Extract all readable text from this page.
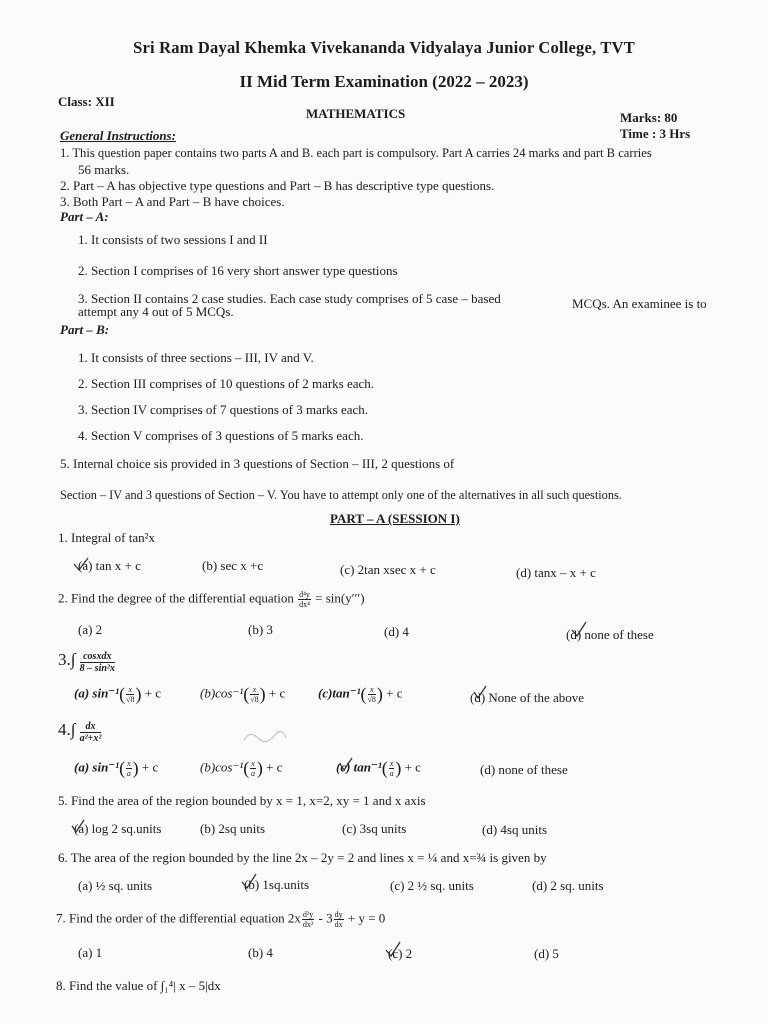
Sri Ram Dayal Khemka Vivekananda Vidyalaya Junior College, TVT
II Mid Term Examination (2022 – 2023)
Class: XII
MATHEMATICS	Marks: 80
Time : 3 Hrs
General Instructions:
1. This question paper contains two parts A and B. each part is compulsory. Part A carries 24 marks and part B carries
56 marks.
2. Part – A has objective type questions and Part – B has descriptive type questions.
3. Both Part – A and Part – B have choices.
Part – A:
1. It consists of two sessions I and II
2. Section I comprises of 16 very short answer type questions
3. Section II contains 2 case studies. Each case study comprises of 5 case – based
attempt any 4 out of 5 MCQs.
MCQs. An examinee is to
Part – B:
1. It consists of three sections – III, IV and V.
2. Section III comprises of 10 questions of 2 marks each.
3. Section IV comprises of 7 questions of 3 marks each.
4. Section V comprises of 3 questions of 5 marks each.
5. Internal choice sis provided in 3 questions of Section – III, 2 questions of
Section – IV and 3 questions of Section – V. You have to attempt only one of the alternatives in all such questions.
PART – A (SESSION I)
1. Integral of tan²x
(a) tan x + c	(b) sec x +c	(c) 2tan xsec x + c	(d) tanx – x + c
2. Find the degree of the differential equation $\frac{\text{d⁴y}}{\text{dx⁴}} = \sin(y''')$
(a) 2	(b) 3	(d) 4	(d) none of these
$3.\int \frac{\text{cosxdx}}{\text{8 – sin²x}}$
(a) $\sin^{-1}( \frac{x}{√8}$ ) + c	$(b)\cos^{-1}( \frac{x}{√8}$ ) + c	$(c)\tan^{-1}( \frac{x}{√8}$ ) + c	(d) None of the above
$4.\int \frac{dx}{\text{a²+x²}}$
(a) $\sin^{-1}( \frac{x}{a}$ ) + c	$(b)\cos^{-1}( \frac{x}{a}$ ) + c	(c) $\tan^{-1}( \frac{x}{a}$ ) + c	(d) none of these
5. Find the area of the region bounded by x = 1, x=2, xy = 1 and x axis
(a) log 2 sq.units	(b) 2sq units	(c) 3sq units	(d) 4sq units
6. The area of the region bounded by the line 2x – 2y = 2 and lines x = ¼ and x=¾ is given by
(a) ½ sq. units	(b) 1sq.units	(c) 2 ½ sq. units	(d) 2 sq. units
7. Find the order of the differential equation $2x \frac{\text{d²y}}{\text{dx²}} - 3 \frac{dy}{dx} + y = 0$
(a) 1	(b) 4	(c) 2	(d) 5
8. Find the value of ∫₁⁴| x – 5|dx
